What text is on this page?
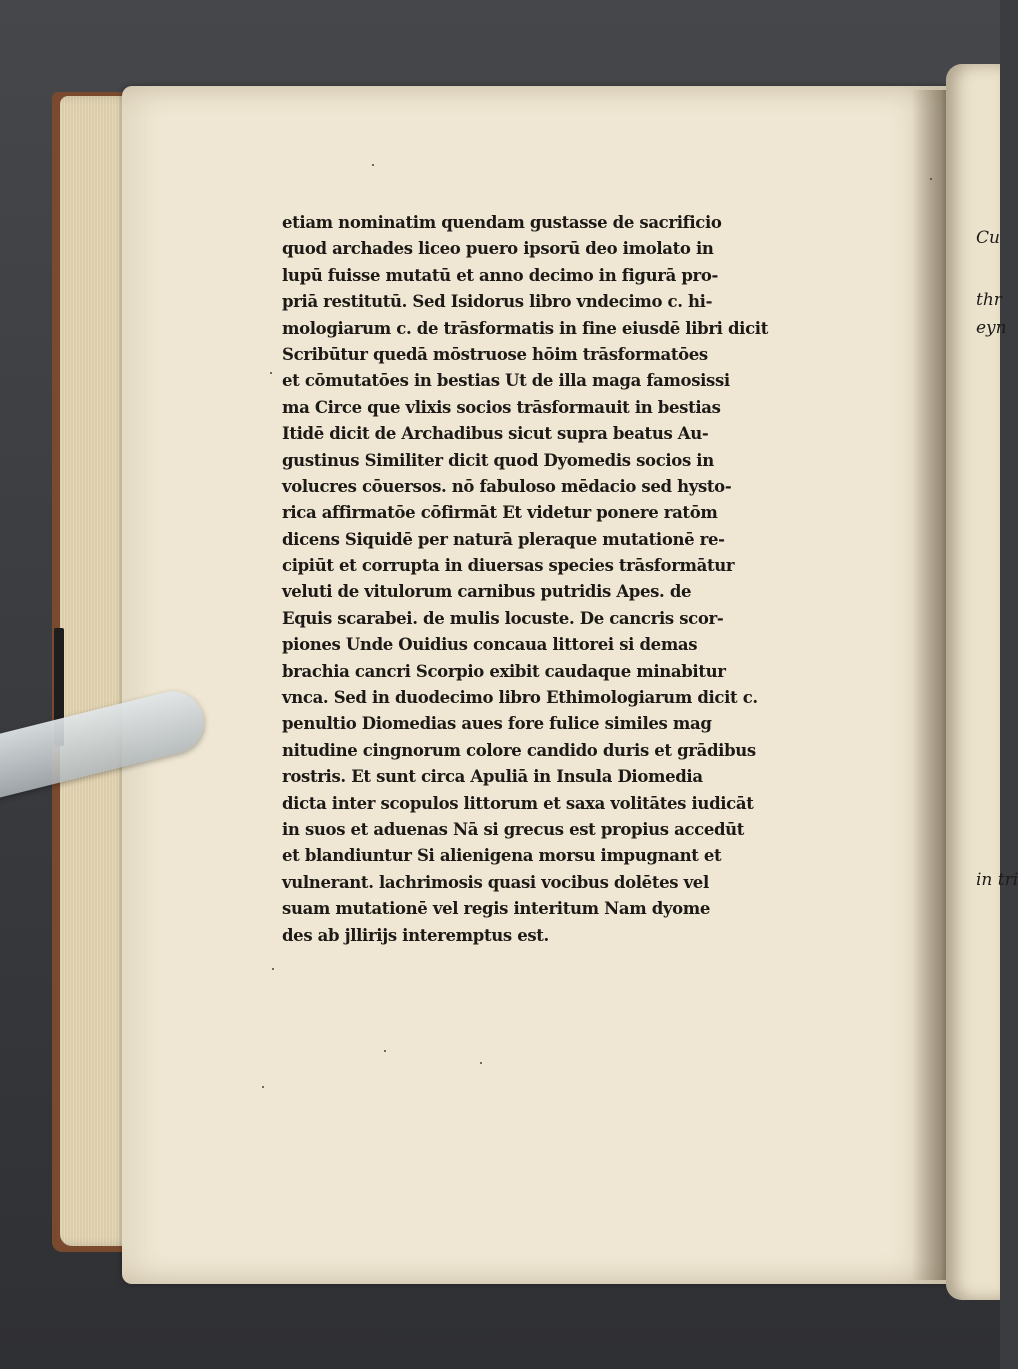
Cu
thr
eyn
in tri
etiam nominatim quendam gustasse de sacrificio
quod archades liceo puero ipsorū deo imolato in
lupū fuisse mutatū et anno decimo in figurā pro-
priā restitutū. Sed Isidorus libro vndecimo c. hi-
mologiarum c. de trāsformatis in fine eiusdē libri dicit
Scribūtur quedā mōstruose hōim trāsformatōes
et cōmutatōes in bestias Ut de illa maga famosissi
ma Circe que vlixis socios trāsformauit in bestias
Itidē dicit de Archadibus sicut supra beatus Au-
gustinus Similiter dicit quod Dyomedis socios in
volucres cōuersos. nō fabuloso mēdacio sed hysto-
rica affirmatōe cōfirmāt Et videtur ponere ratōm
dicens Siquidē per naturā pleraque mutationē re-
cipiūt et corrupta in diuersas species trāsformātur
veluti de vitulorum carnibus putridis Apes. de
Equis scarabei. de mulis locuste. De cancris scor-
piones Unde Ouidius concaua littorei si demas
brachia cancri Scorpio exibit caudaque minabitur
vnca. Sed in duodecimo libro Ethimologiarum dicit c.
penultio Diomedias aues fore fulice similes mag
nitudine cingnorum colore candido duris et grādibus
rostris. Et sunt circa Apuliā in Insula Diomedia
dicta inter scopulos littorum et saxa volitātes iudicāt
in suos et aduenas Nā si grecus est propius accedūt
et blandiuntur Si alienigena morsu impugnant et
vulnerant. lachrimosis quasi vocibus dolētes vel
suam mutationē vel regis interitum Nam dyome
des ab jllirijs interemptus est.
